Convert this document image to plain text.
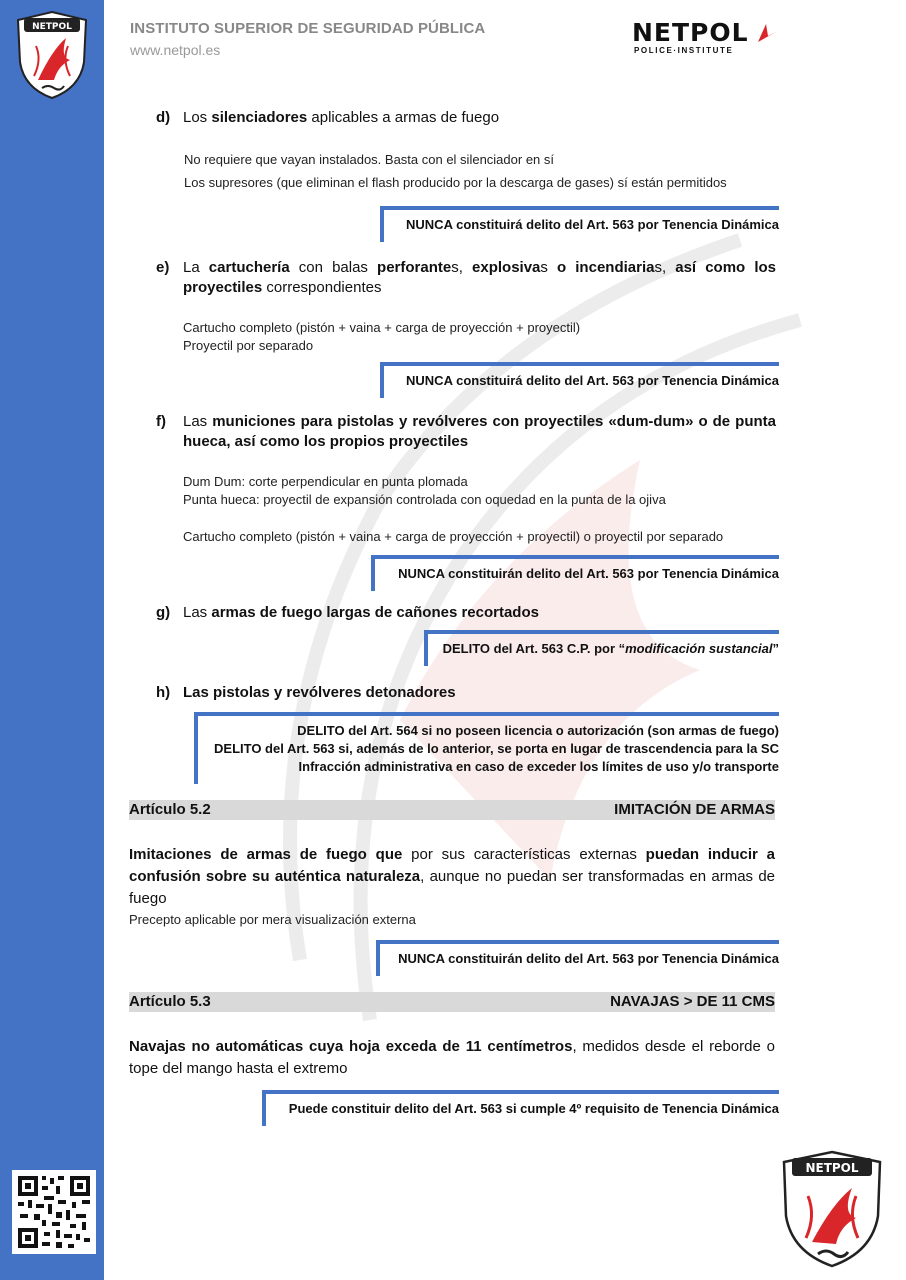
NETPOL	INSTITUTO SUPERIOR DE SEGURIDAD PÚBLICA
www.netpol.es
NETPOL
POLICE·INSTITUTE
d) Los silenciadores aplicables a armas de fuego
No requiere que vayan instalados. Basta con el silenciador en sí
Los supresores (que eliminan el flash producido por la descarga de gases) sí están permitidos
NUNCA constituirá delito del Art. 563 por Tenencia Dinámica
e) La cartuchería con balas perforantes, explosivas o incendiarias, así como los proyectiles correspondientes
Cartucho completo (pistón + vaina + carga de proyección + proyectil)
Proyectil por separado
NUNCA constituirá delito del Art. 563 por Tenencia Dinámica
f) Las municiones para pistolas y revólveres con proyectiles «dum-dum» o de punta hueca, así como los propios proyectiles
Dum Dum: corte perpendicular en punta plomada
Punta hueca: proyectil de expansión controlada con oquedad en la punta de la ojiva
Cartucho completo (pistón + vaina + carga de proyección + proyectil) o proyectil por separado
NUNCA constituirán delito del Art. 563 por Tenencia Dinámica
g) Las armas de fuego largas de cañones recortados
DELITO del Art. 563 C.P. por “modificación sustancial”
h) Las pistolas y revólveres detonadores
DELITO del Art. 564 si no poseen licencia o autorización (son armas de fuego)
DELITO del Art. 563 si, además de lo anterior, se porta en lugar de trascendencia para la SC
Infracción administrativa en caso de exceder los límites de uso y/o transporte
Artículo 5.2	IMITACIÓN DE ARMAS
Imitaciones de armas de fuego que por sus características externas puedan inducir a confusión sobre su auténtica naturaleza, aunque no puedan ser transformadas en armas de fuego
Precepto aplicable por mera visualización externa
NUNCA constituirán delito del Art. 563 por Tenencia Dinámica
Artículo 5.3	NAVAJAS > DE 11 CMS
Navajas no automáticas cuya hoja exceda de 11 centímetros, medidos desde el reborde o tope del mango hasta el extremo
Puede constituir delito del Art. 563 si cumple 4º requisito de Tenencia Dinámica
NETPOL
